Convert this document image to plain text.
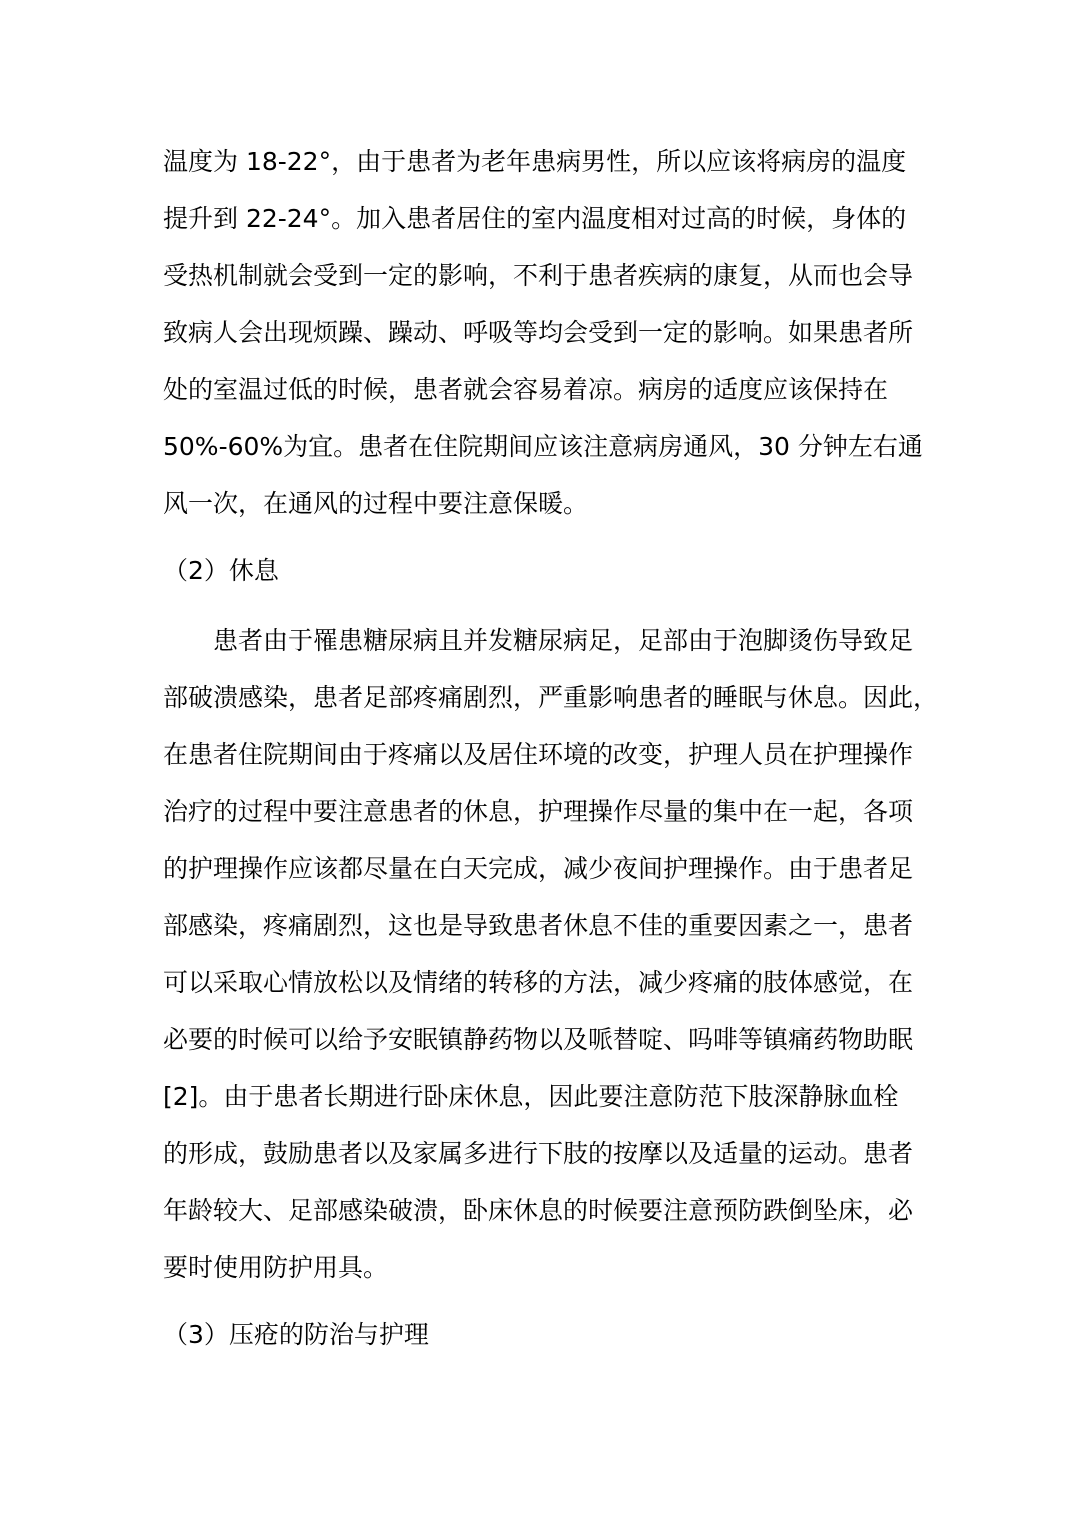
温度为 18-22°，由于患者为老年患病男性，所以应该将病房的温度
提升到 22-24°。加入患者居住的室内温度相对过高的时候，身体的
受热机制就会受到一定的影响，不利于患者疾病的康复，从而也会导
致病人会出现烦躁、躁动、呼吸等均会受到一定的影响。如果患者所
处的室温过低的时候，患者就会容易着凉。病房的适度应该保持在
50%-60%为宜。患者在住院期间应该注意病房通风，30 分钟左右通
风一次，在通风的过程中要注意保暖。
（2）休息
患者由于罹患糖尿病且并发糖尿病足，足部由于泡脚烫伤导致足
部破溃感染，患者足部疼痛剧烈，严重影响患者的睡眠与休息。因此，
在患者住院期间由于疼痛以及居住环境的改变，护理人员在护理操作
治疗的过程中要注意患者的休息，护理操作尽量的集中在一起，各项
的护理操作应该都尽量在白天完成，减少夜间护理操作。由于患者足
部感染，疼痛剧烈，这也是导致患者休息不佳的重要因素之一，患者
可以采取心情放松以及情绪的转移的方法，减少疼痛的肢体感觉，在
必要的时候可以给予安眠镇静药物以及哌替啶、吗啡等镇痛药物助眠
[2]。由于患者长期进行卧床休息，因此要注意防范下肢深静脉血栓
的形成，鼓励患者以及家属多进行下肢的按摩以及适量的运动。患者
年龄较大、足部感染破溃，卧床休息的时候要注意预防跌倒坠床，必
要时使用防护用具。
（3）压疮的防治与护理
